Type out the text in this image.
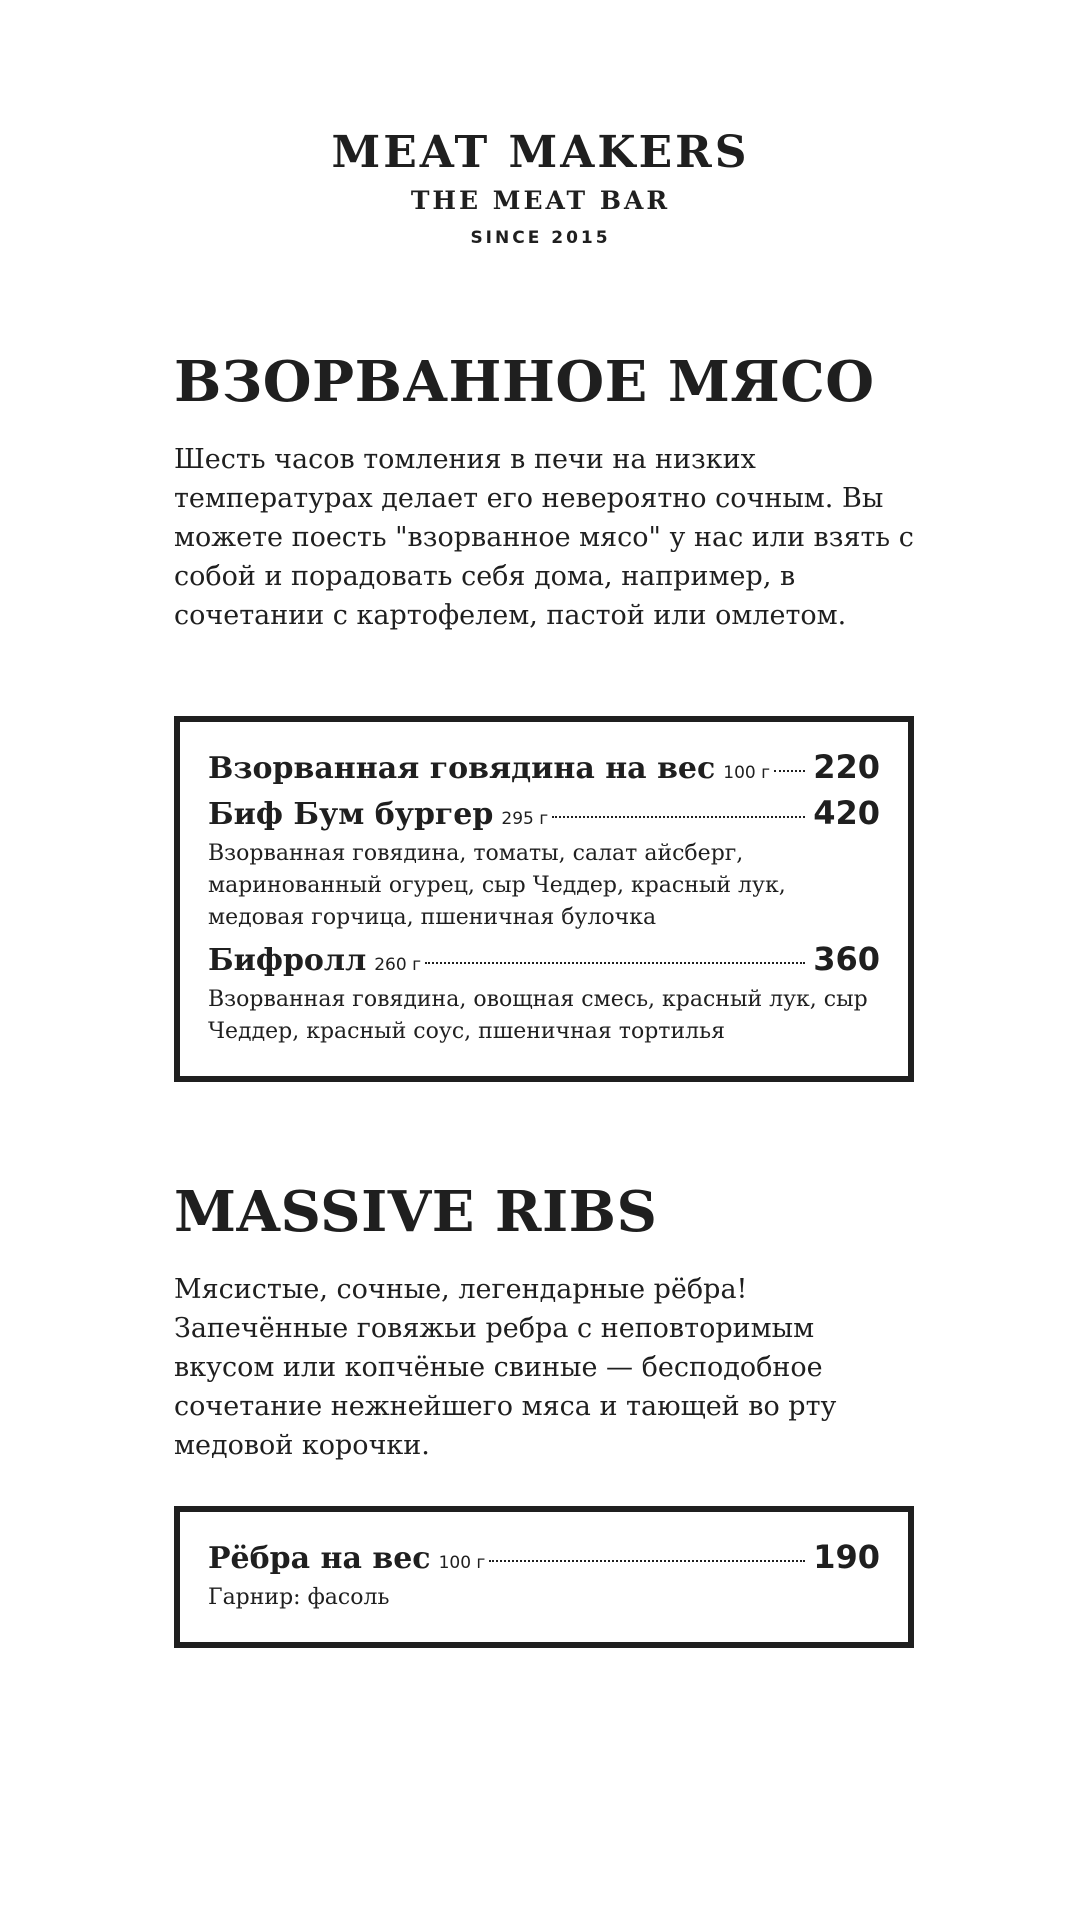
MEAT MAKERS
THE MEAT BAR
SINCE 2015
ВЗОРВАННОЕ МЯСО
Шесть часов томления в печи на низких температурах делает его невероятно сочным. Вы можете поесть "взорванное мясо" у нас или взять с собой и порадовать себя дома, например, в сочетании с картофелем, пастой или омлетом.
Взорванная говядина на вес 100 г 220
Биф Бум бургер 295 г	420
Взорванная говядина, томаты, салат айсберг, маринованный огурец, сыр Чеддер, красный лук, медовая горчица, пшеничная булочка
Бифролл 260 г	360
Взорванная говядина, овощная смесь, красный лук, сыр Чеддер, красный соус, пшеничная тортилья
MASSIVE RIBS
Мясистые, сочные, легендарные рёбра! Запечённые говяжьи ребра с неповторимым вкусом или копчёные свиные — бесподобное сочетание нежнейшего мяса и тающей во рту медовой корочки.
Рёбра на вес 100 г	190
Гарнир: фасоль
